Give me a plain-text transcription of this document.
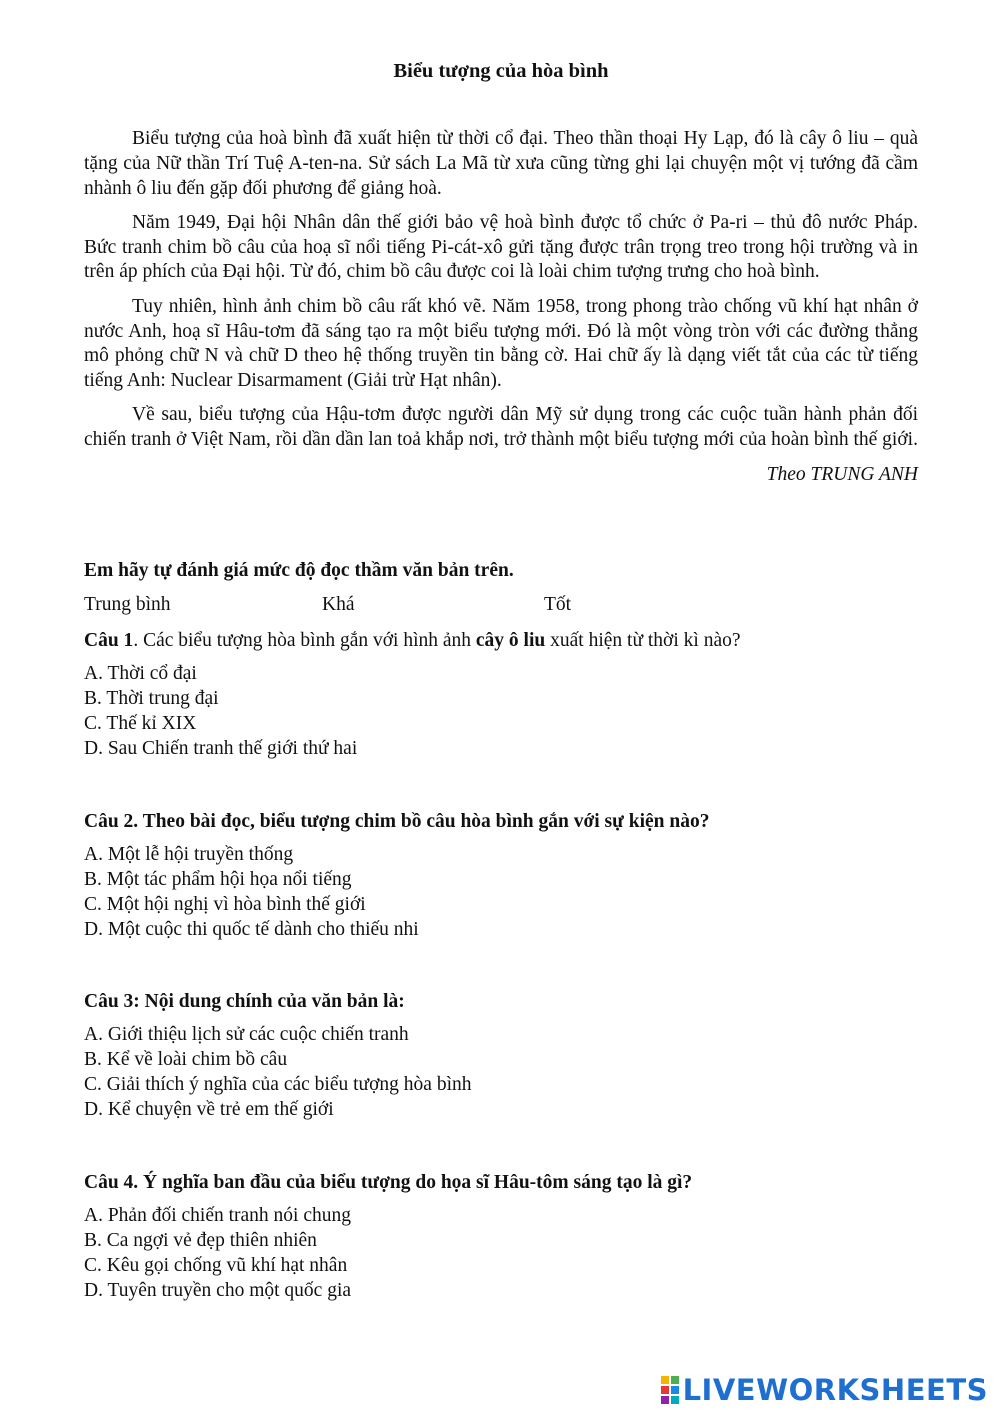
Biểu tượng của hòa bình

Biểu tượng của hoà bình đã xuất hiện từ thời cổ đại. Theo thần thoại Hy Lạp, đó là cây ô liu – quà tặng của Nữ thần Trí Tuệ A-ten-na. Sử sách La Mã từ xưa cũng từng ghi lại chuyện một vị tướng đã cầm nhành ô liu đến gặp đối phương để giảng hoà.

Năm 1949, Đại hội Nhân dân thế giới bảo vệ hoà bình được tổ chức ở Pa-ri – thủ đô nước Pháp. Bức tranh chim bồ câu của hoạ sĩ nổi tiếng Pi-cát-xô gửi tặng được trân trọng treo trong hội trường và in trên áp phích của Đại hội. Từ đó, chim bồ câu được coi là loài chim tượng trưng cho hoà bình.

Tuy nhiên, hình ảnh chim bồ câu rất khó vẽ. Năm 1958, trong phong trào chống vũ khí hạt nhân ở nước Anh, hoạ sĩ Hâu-tơm đã sáng tạo ra một biểu tượng mới. Đó là một vòng tròn với các đường thẳng mô phỏng chữ N và chữ D theo hệ thống truyền tin bằng cờ. Hai chữ ấy là dạng viết tắt của các từ tiếng tiếng Anh: Nuclear Disarmament (Giải trừ Hạt nhân).

Về sau, biểu tượng của Hậu-tơm được người dân Mỹ sử dụng trong các cuộc tuần hành phản đối chiến tranh ở Việt Nam, rồi dần dần lan toả khắp nơi, trở thành một biểu tượng mới của hoàn bình thế giới.

Theo TRUNG ANH
Em hãy tự đánh giá mức độ đọc thầm văn bản trên.
Trung bình	Khá	Tốt
Câu 1. Các biểu tượng hòa bình gắn với hình ảnh cây ô liu xuất hiện từ thời kì nào?
A. Thời cổ đại
B. Thời trung đại
C. Thế kỉ XIX
D. Sau Chiến tranh thế giới thứ hai
Câu 2. Theo bài đọc, biểu tượng chim bồ câu hòa bình gắn với sự kiện nào?
A. Một lễ hội truyền thống
B. Một tác phẩm hội họa nổi tiếng
C. Một hội nghị vì hòa bình thế giới
D. Một cuộc thi quốc tế dành cho thiếu nhi
Câu 3: Nội dung chính của văn bản là:
A. Giới thiệu lịch sử các cuộc chiến tranh
B. Kể về loài chim bồ câu
C. Giải thích ý nghĩa của các biểu tượng hòa bình
D. Kể chuyện về trẻ em thế giới
Câu 4. Ý nghĩa ban đầu của biểu tượng do họa sĩ Hâu-tôm sáng tạo là gì?
A. Phản đối chiến tranh nói chung
B. Ca ngợi vẻ đẹp thiên nhiên
C. Kêu gọi chống vũ khí hạt nhân
D. Tuyên truyền cho một quốc gia
LIVEWORKSHEETS
